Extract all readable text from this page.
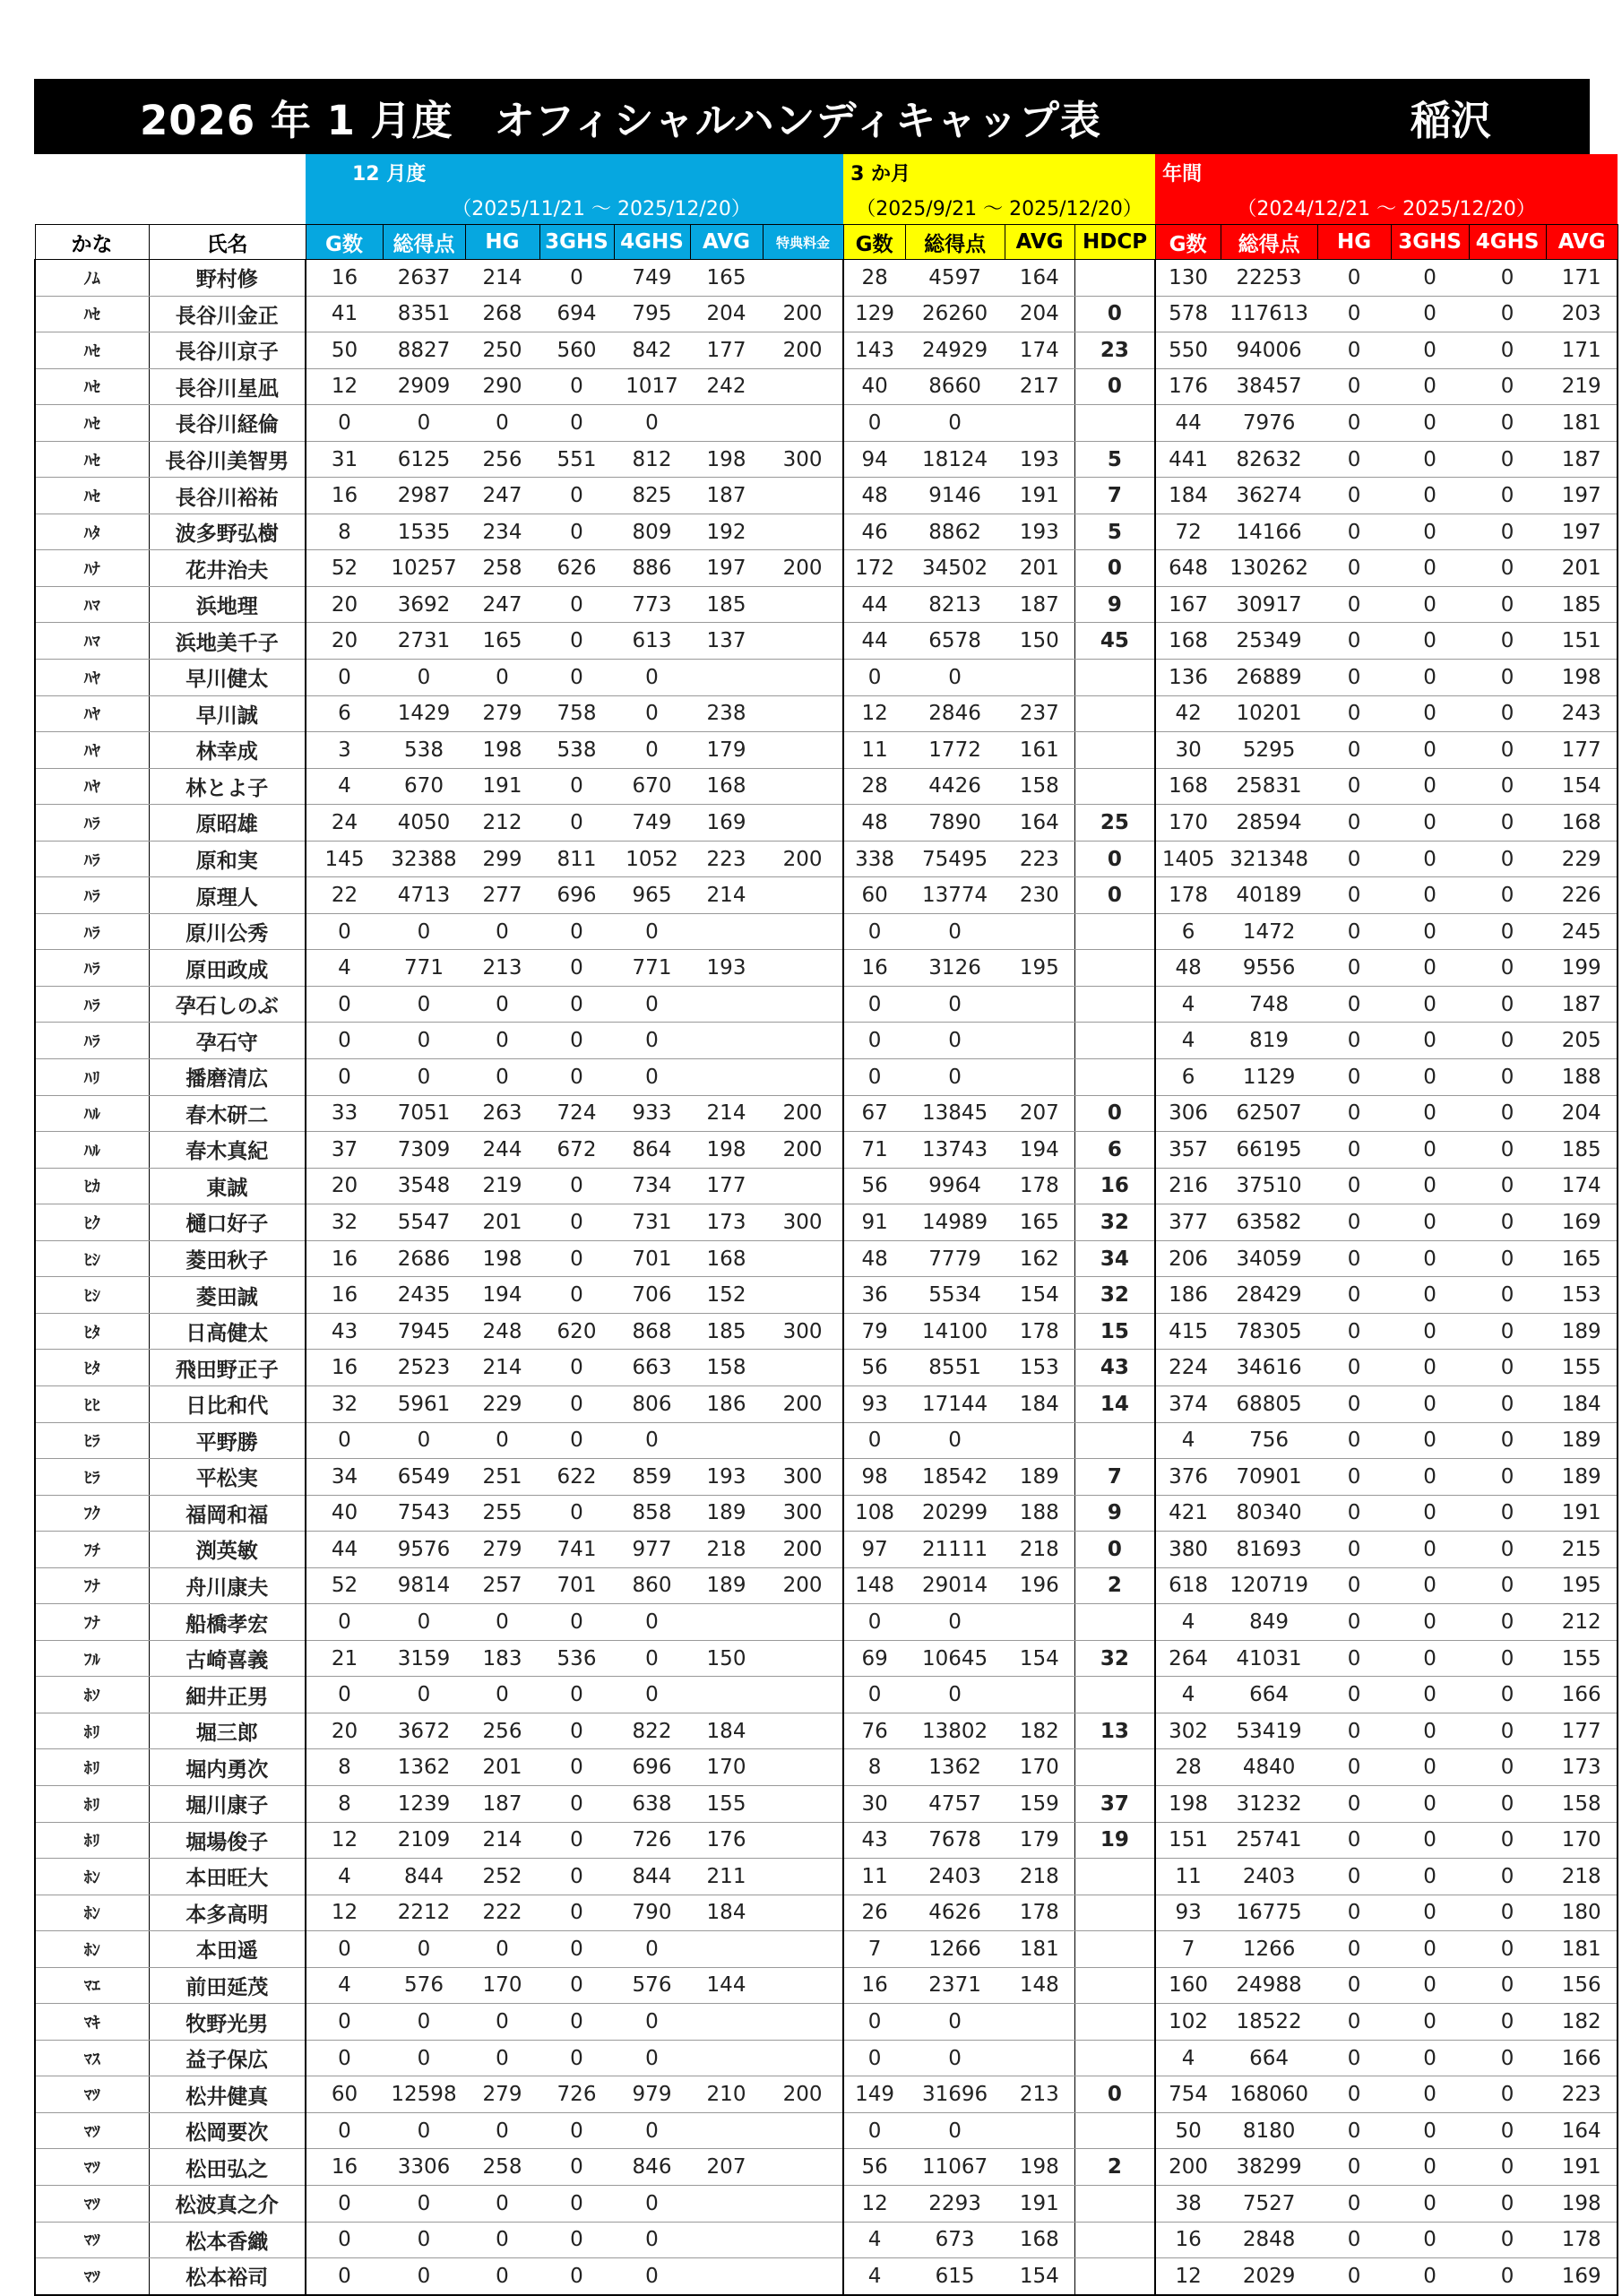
2026 年 1 月度　オフィシャルハンディキャップ表	稲沢
		12 月度							3 か月				年間					
		（2025/11/21 ～ 2025/12/20）							（2025/9/21 ～ 2025/12/20）				（2024/12/21 ～ 2025/12/20）					
かな	氏名	G数	総得点	HG	3GHS	4GHS	AVG	特典料金	G数	総得点	AVG	HDCP	G数	総得点	HG	3GHS	4GHS	AVG
ﾉﾑ	野村修	16	2637	214	0	749	165		28	4597	164		130	22253	0	0	0	171
ﾊｾ	長谷川金正	41	8351	268	694	795	204	200	129	26260	204	0	578	117613	0	0	0	203
ﾊｾ	長谷川京子	50	8827	250	560	842	177	200	143	24929	174	23	550	94006	0	0	0	171
ﾊｾ	長谷川星凪	12	2909	290	0	1017	242		40	8660	217	0	176	38457	0	0	0	219
ﾊｾ	長谷川経倫	0	0	0	0	0			0	0			44	7976	0	0	0	181
ﾊｾ	長谷川美智男	31	6125	256	551	812	198	300	94	18124	193	5	441	82632	0	0	0	187
ﾊｾ	長谷川裕祐	16	2987	247	0	825	187		48	9146	191	7	184	36274	0	0	0	197
ﾊﾀ	波多野弘樹	8	1535	234	0	809	192		46	8862	193	5	72	14166	0	0	0	197
ﾊﾅ	花井治夫	52	10257	258	626	886	197	200	172	34502	201	0	648	130262	0	0	0	201
ﾊﾏ	浜地理	20	3692	247	0	773	185		44	8213	187	9	167	30917	0	0	0	185
ﾊﾏ	浜地美千子	20	2731	165	0	613	137		44	6578	150	45	168	25349	0	0	0	151
ﾊﾔ	早川健太	0	0	0	0	0			0	0			136	26889	0	0	0	198
ﾊﾔ	早川誠	6	1429	279	758	0	238		12	2846	237		42	10201	0	0	0	243
ﾊﾔ	林幸成	3	538	198	538	0	179		11	1772	161		30	5295	0	0	0	177
ﾊﾔ	林とよ子	4	670	191	0	670	168		28	4426	158		168	25831	0	0	0	154
ﾊﾗ	原昭雄	24	4050	212	0	749	169		48	7890	164	25	170	28594	0	0	0	168
ﾊﾗ	原和実	145	32388	299	811	1052	223	200	338	75495	223	0	1405	321348	0	0	0	229
ﾊﾗ	原理人	22	4713	277	696	965	214		60	13774	230	0	178	40189	0	0	0	226
ﾊﾗ	原川公秀	0	0	0	0	0			0	0			6	1472	0	0	0	245
ﾊﾗ	原田政成	4	771	213	0	771	193		16	3126	195		48	9556	0	0	0	199
ﾊﾗ	孕石しのぶ	0	0	0	0	0			0	0			4	748	0	0	0	187
ﾊﾗ	孕石守	0	0	0	0	0			0	0			4	819	0	0	0	205
ﾊﾘ	播磨清広	0	0	0	0	0			0	0			6	1129	0	0	0	188
ﾊﾙ	春木研二	33	7051	263	724	933	214	200	67	13845	207	0	306	62507	0	0	0	204
ﾊﾙ	春木真紀	37	7309	244	672	864	198	200	71	13743	194	6	357	66195	0	0	0	185
ﾋｶ	東誠	20	3548	219	0	734	177		56	9964	178	16	216	37510	0	0	0	174
ﾋｸ	樋口好子	32	5547	201	0	731	173	300	91	14989	165	32	377	63582	0	0	0	169
ﾋｼ	菱田秋子	16	2686	198	0	701	168		48	7779	162	34	206	34059	0	0	0	165
ﾋｼ	菱田誠	16	2435	194	0	706	152		36	5534	154	32	186	28429	0	0	0	153
ﾋﾀ	日高健太	43	7945	248	620	868	185	300	79	14100	178	15	415	78305	0	0	0	189
ﾋﾀ	飛田野正子	16	2523	214	0	663	158		56	8551	153	43	224	34616	0	0	0	155
ﾋﾋ	日比和代	32	5961	229	0	806	186	200	93	17144	184	14	374	68805	0	0	0	184
ﾋﾗ	平野勝	0	0	0	0	0			0	0			4	756	0	0	0	189
ﾋﾗ	平松実	34	6549	251	622	859	193	300	98	18542	189	7	376	70901	0	0	0	189
ﾌｸ	福岡和福	40	7543	255	0	858	189	300	108	20299	188	9	421	80340	0	0	0	191
ﾌﾁ	渕英敏	44	9576	279	741	977	218	200	97	21111	218	0	380	81693	0	0	0	215
ﾌﾅ	舟川康夫	52	9814	257	701	860	189	200	148	29014	196	2	618	120719	0	0	0	195
ﾌﾅ	船橋孝宏	0	0	0	0	0			0	0			4	849	0	0	0	212
ﾌﾙ	古崎喜義	21	3159	183	536	0	150		69	10645	154	32	264	41031	0	0	0	155
ﾎｿ	細井正男	0	0	0	0	0			0	0			4	664	0	0	0	166
ﾎﾘ	堀三郎	20	3672	256	0	822	184		76	13802	182	13	302	53419	0	0	0	177
ﾎﾘ	堀内勇次	8	1362	201	0	696	170		8	1362	170		28	4840	0	0	0	173
ﾎﾘ	堀川康子	8	1239	187	0	638	155		30	4757	159	37	198	31232	0	0	0	158
ﾎﾘ	堀場俊子	12	2109	214	0	726	176		43	7678	179	19	151	25741	0	0	0	170
ﾎﾝ	本田旺大	4	844	252	0	844	211		11	2403	218		11	2403	0	0	0	218
ﾎﾝ	本多高明	12	2212	222	0	790	184		26	4626	178		93	16775	0	0	0	180
ﾎﾝ	本田遥	0	0	0	0	0			7	1266	181		7	1266	0	0	0	181
ﾏｴ	前田延茂	4	576	170	0	576	144		16	2371	148		160	24988	0	0	0	156
ﾏｷ	牧野光男	0	0	0	0	0			0	0			102	18522	0	0	0	182
ﾏｽ	益子保広	0	0	0	0	0			0	0			4	664	0	0	0	166
ﾏﾂ	松井健真	60	12598	279	726	979	210	200	149	31696	213	0	754	168060	0	0	0	223
ﾏﾂ	松岡要次	0	0	0	0	0			0	0			50	8180	0	0	0	164
ﾏﾂ	松田弘之	16	3306	258	0	846	207		56	11067	198	2	200	38299	0	0	0	191
ﾏﾂ	松波真之介	0	0	0	0	0			12	2293	191		38	7527	0	0	0	198
ﾏﾂ	松本香織	0	0	0	0	0			4	673	168		16	2848	0	0	0	178
ﾏﾂ	松本裕司	0	0	0	0	0			4	615	154		12	2029	0	0	0	169
